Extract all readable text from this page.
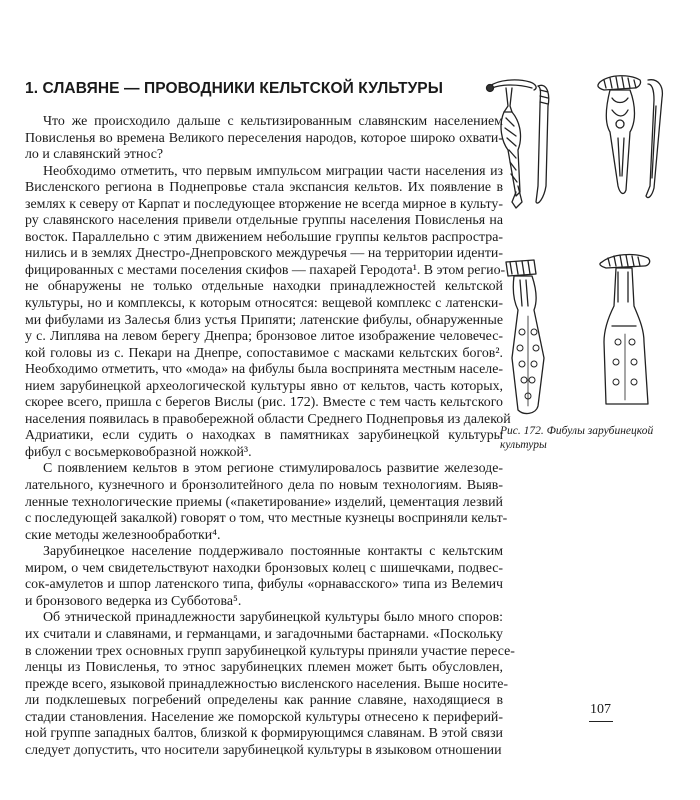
1. СЛАВЯНЕ — ПРОВОДНИКИ КЕЛЬТСКОЙ КУЛЬТУРЫ

Что же происходило дальше с кельтизированным славянским населением
Повисленья во времена Великого переселения народов, которое широко охвати-
ло и славянский этнос?

Необходимо отметить, что первым импульсом миграции части населения из
Висленского региона в Поднепровье стала экспансия кельтов. Их появление в
землях к северу от Карпат и последующее вторжение не всегда мирное в культу-
ру славянского населения привели отдельные группы населения Повисленья на
восток. Параллельно с этим движением небольшие группы кельтов распростра-
нились и в землях Днестро-Днепровского междуречья — на территории иденти-
фицированных с местами поселения скифов — пахарей Геродота¹. В этом регио-
не обнаружены не только отдельные находки принадлежностей кельтской
культуры, но и комплексы, к которым относятся: вещевой комплекс с латенски-
ми фибулами из Залесья близ устья Припяти; латенские фибулы, обнаруженные
у с. Липлява на левом берегу Днепра; бронзовое литое изображение человечес-
кой головы из с. Пекари на Днепре, сопоставимое с масками кельтских богов².
Необходимо отметить, что «мода» на фибулы была воспринята местным населе-
нием зарубинецкой археологической культуры явно от кельтов, часть которых,
скорее всего, пришла с берегов Вислы (рис. 172). Вместе с тем часть кельтского
населения появилась в правобережной области Среднего Поднепровья из далекой
Адриатики, если судить о находках в памятниках зарубинецкой культуры
фибул с восьмерковобразной ножкой³.

С появлением кельтов в этом регионе стимулировалось развитие железоде-
лательного, кузнечного и бронзолитейного дела по новым технологиям. Выяв-
ленные технологические приемы («пакетирование» изделий, цементация лезвий
с последующей закалкой) говорят о том, что местные кузнецы восприняли кельт-
ские методы железнообработки⁴.

Зарубинецкое население поддерживало постоянные контакты с кельтским
миром, о чем свидетельствуют находки бронзовых колец с шишечками, подвес-
сок-амулетов и шпор латенского типа, фибулы «орнавасского» типа из Велемич
и бронзового ведерка из Субботова⁵.

Об этнической принадлежности зарубинецкой культуры было много споров:
их считали и славянами, и германцами, и загадочными бастарнами. «Поскольку
в сложении трех основных групп зарубинецкой культуры приняли участие пересе-
ленцы из Повисленья, то этнос зарубинецких племен может быть обусловлен,
прежде всего, языковой принадлежностью висленского населения. Выше носите-
ли подклешевых погребений определены как ранние славяне, находящиеся в
стадии становления. Население же поморской культуры отнесено к периферий-
ной группе западных балтов, близкой к формирующимся славянам. В этой связи
следует допустить, что носители зарубинецкой культуры в языковом отношении

Рис. 172. Фибулы зарубинецкой культуры
107
